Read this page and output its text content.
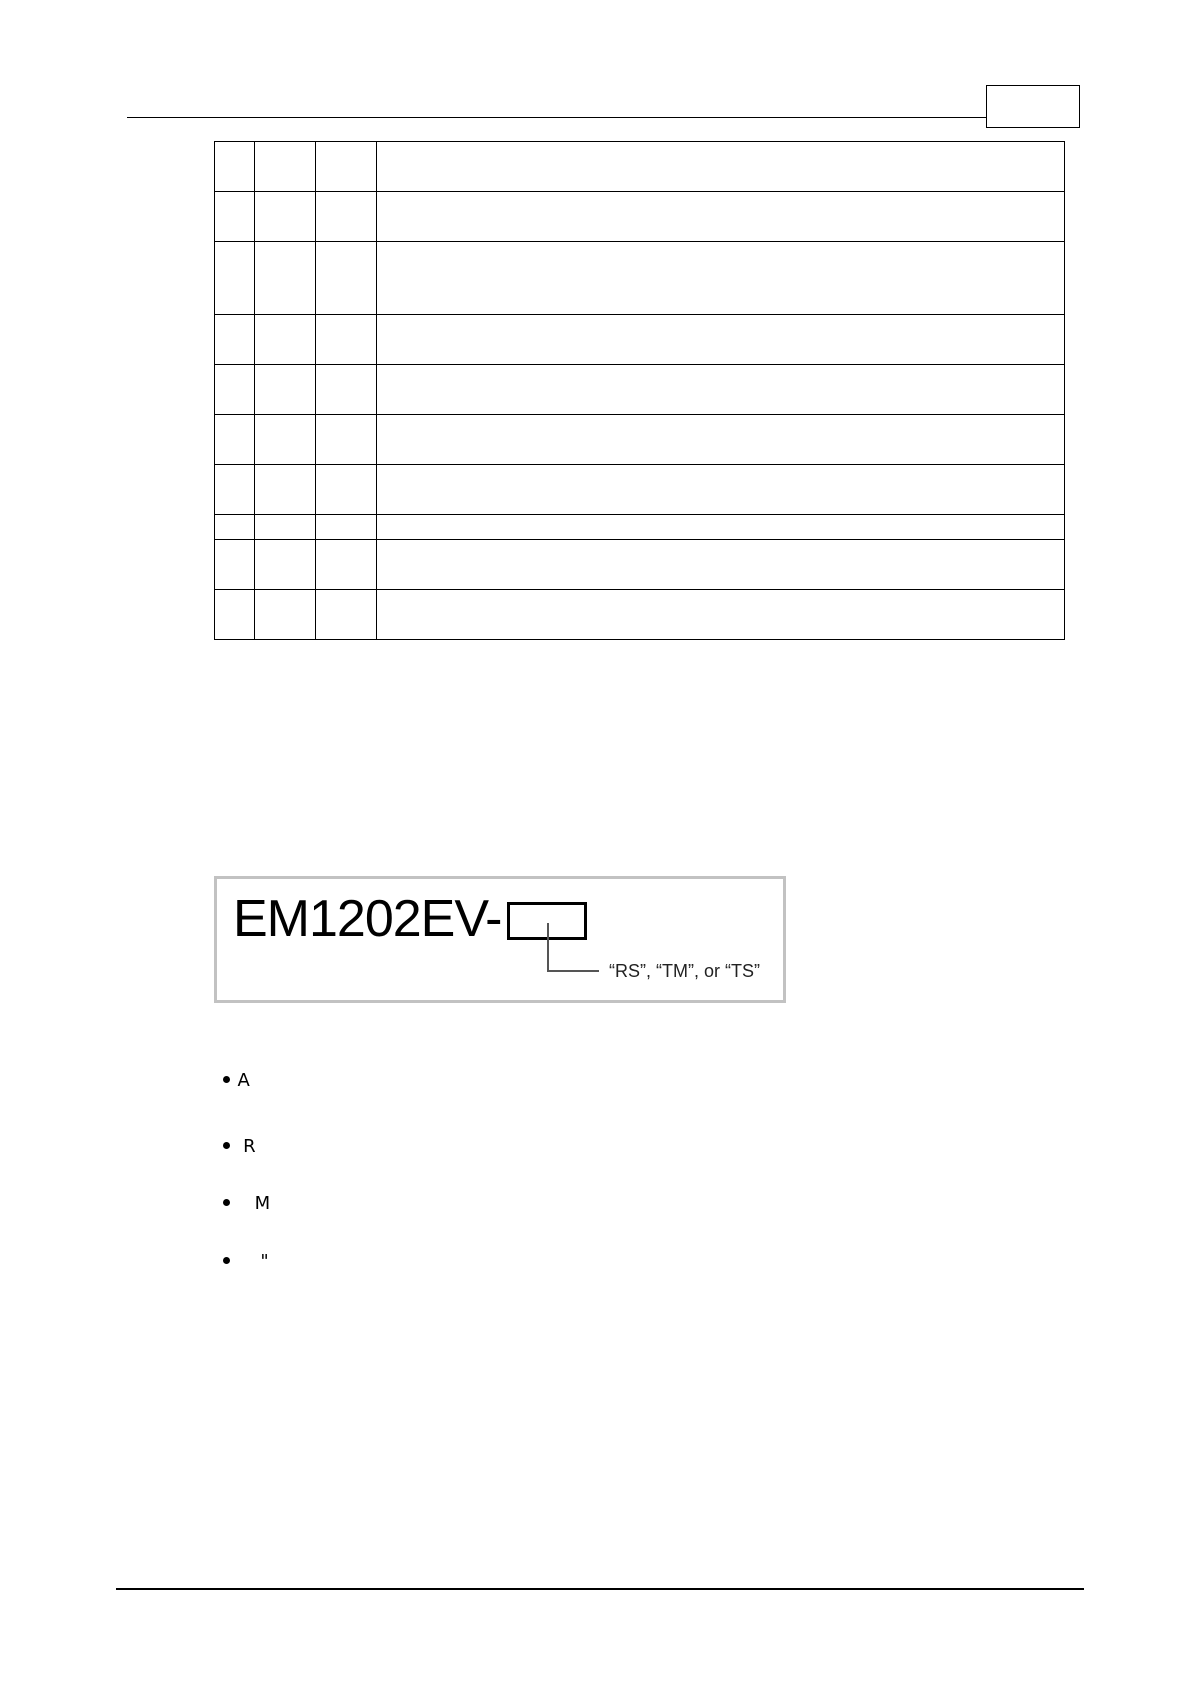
EM1202EV-
“RS”, “TM”, or “TS”

A

R

M

"
